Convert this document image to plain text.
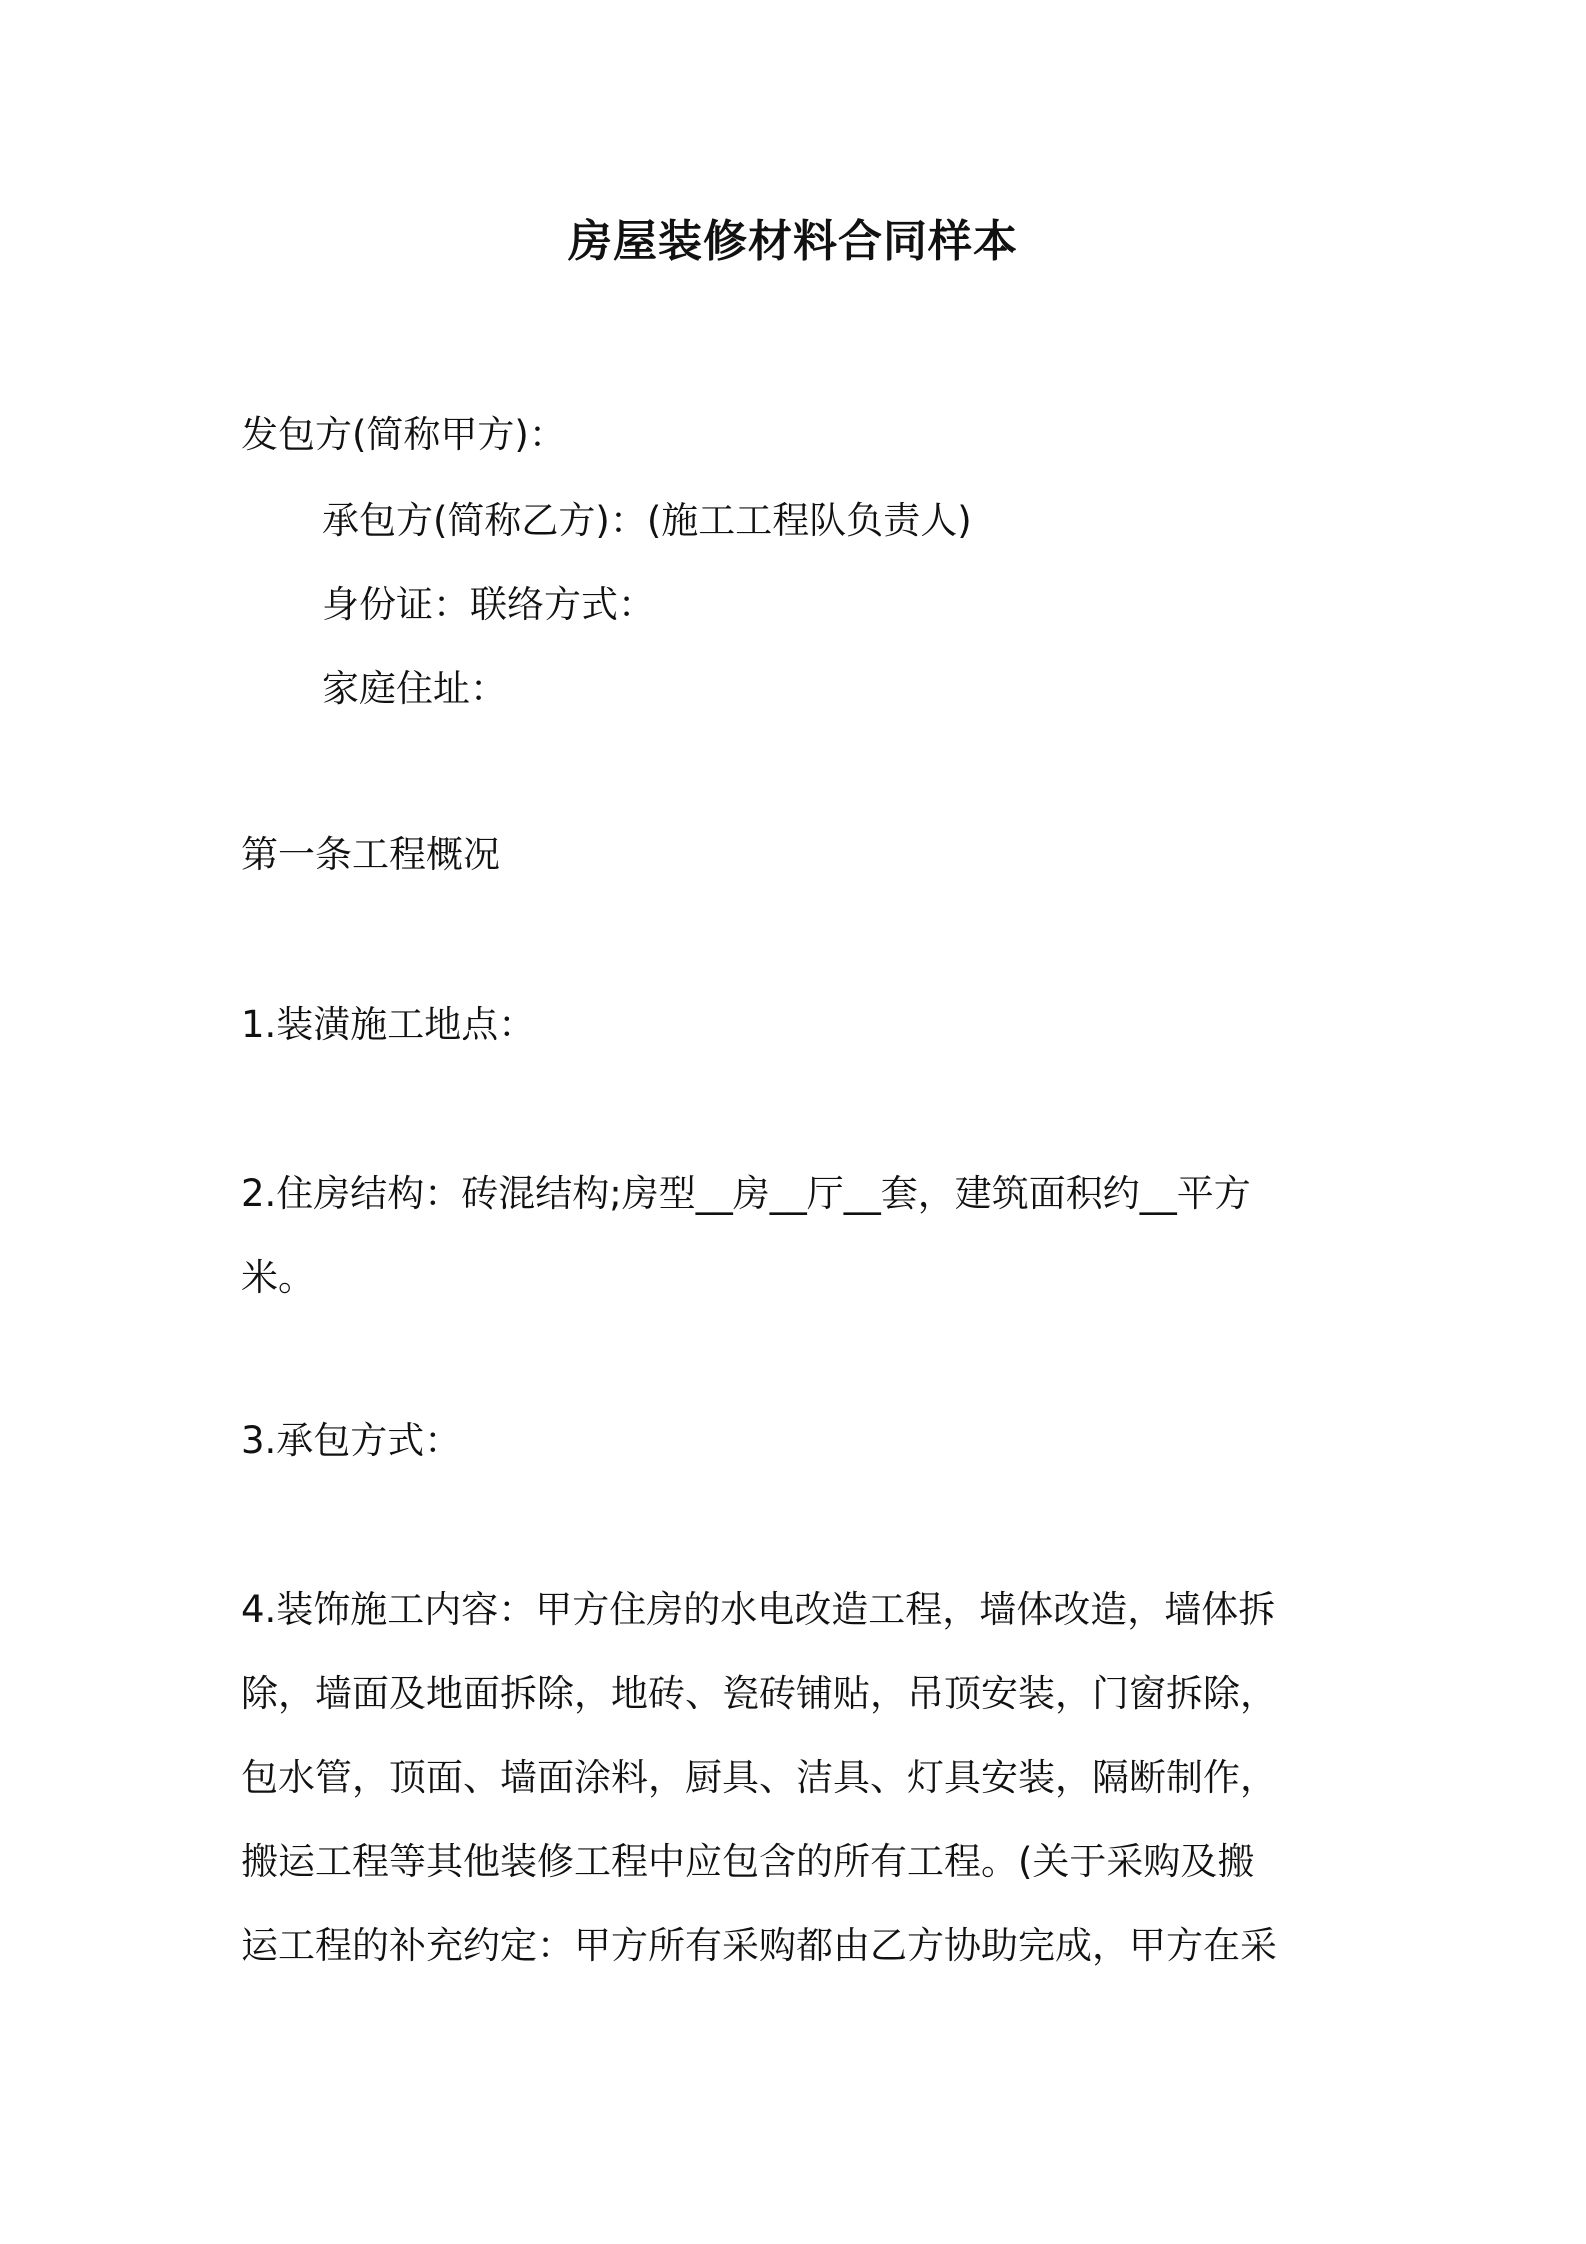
房屋装修材料合同样本
发包方(简称甲方)：
承包方(简称乙方)：(施工工程队负责人)
身份证：联络方式：
家庭住址：
第一条工程概况
1.装潢施工地点：
2.住房结构：砖混结构;房型__房__厅__套，建筑面积约__平方
米。
3.承包方式：
4.装饰施工内容：甲方住房的水电改造工程，墙体改造，墙体拆
除，墙面及地面拆除，地砖、瓷砖铺贴，吊顶安装，门窗拆除，
包水管，顶面、墙面涂料，厨具、洁具、灯具安装，隔断制作，
搬运工程等其他装修工程中应包含的所有工程。(关于采购及搬
运工程的补充约定：甲方所有采购都由乙方协助完成，甲方在采
